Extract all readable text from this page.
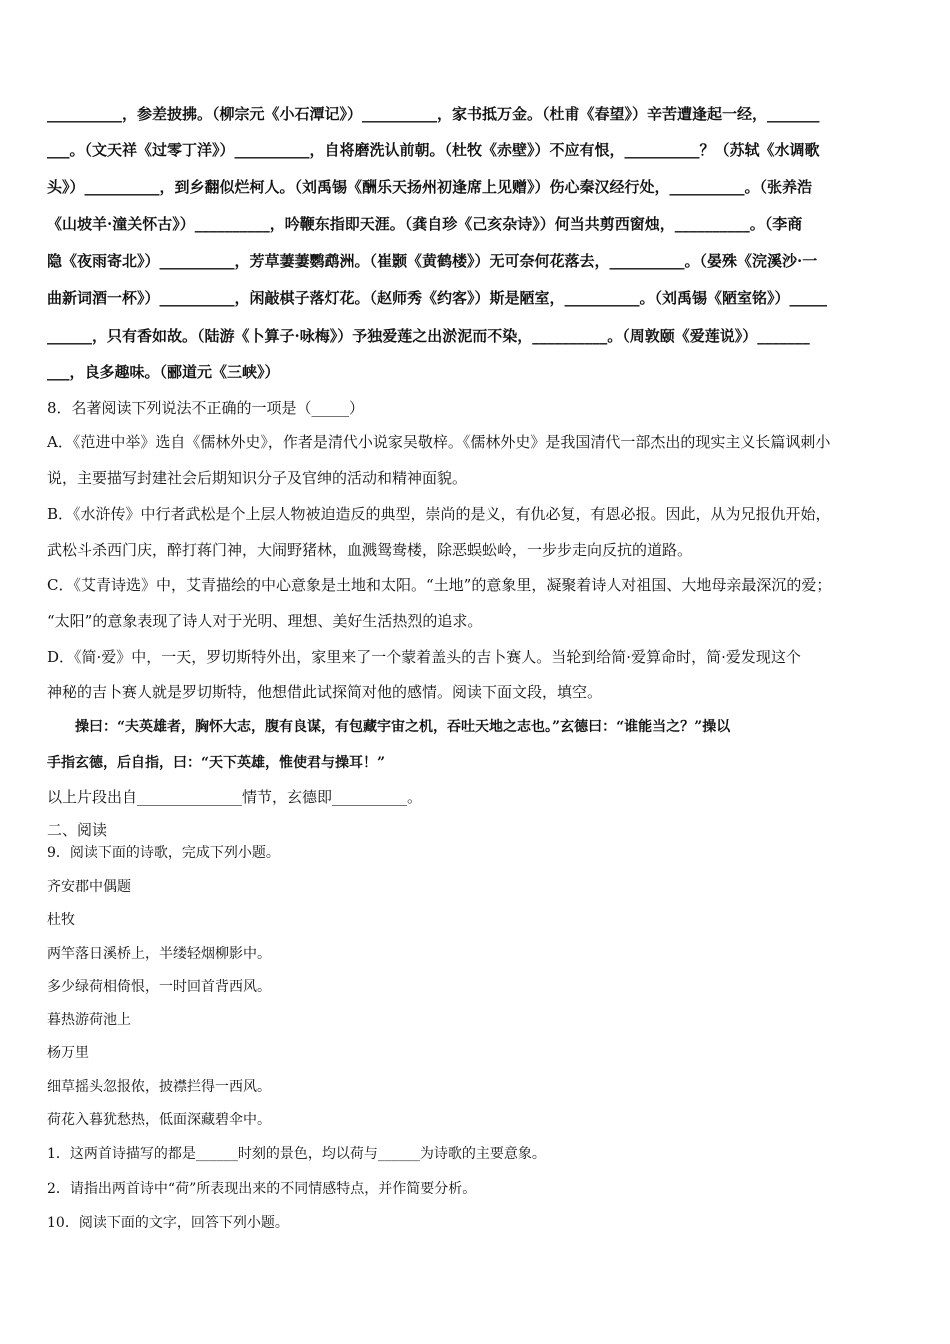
__________，参差披拂。（柳宗元《小石潭记》）__________，家书抵万金。（杜甫《春望》）辛苦遭逢起一经，_______
___。（文天祥《过零丁洋》）__________，自将磨洗认前朝。（杜牧《赤壁》）不应有恨，__________？（苏轼《水调歌
头》）__________，到乡翻似烂柯人。（刘禹锡《酬乐天扬州初逢席上见赠》）伤心秦汉经行处，__________。（张养浩
《山坡羊·潼关怀古》）__________，吟鞭东指即天涯。（龚自珍《己亥杂诗》）何当共剪西窗烛，__________。（李商
隐《夜雨寄北》）__________，芳草萋萋鹦鹉洲。（崔颢《黄鹤楼》）无可奈何花落去，__________。（晏殊《浣溪沙·一
曲新词酒一杯》）__________，闲敲棋子落灯花。（赵师秀《约客》）斯是陋室，__________。（刘禹锡《陋室铭》）_____
______，只有香如故。（陆游《卜算子·咏梅》）予独爱莲之出淤泥而不染，__________。（周敦颐《爱莲说》）_______
___，良多趣味。（郦道元《三峡》）
8．名著阅读下列说法不正确的一项是（_____）
A．《范进中举》选自《儒林外史》，作者是清代小说家吴敬梓。《儒林外史》是我国清代一部杰出的现实主义长篇讽刺小
说，主要描写封建社会后期知识分子及官绅的活动和精神面貌。
B．《水浒传》中行者武松是个上层人物被迫造反的典型，崇尚的是义，有仇必复，有恩必报。因此，从为兄报仇开始，
武松斗杀西门庆，醉打蒋门神，大闹野猪林，血溅鸳鸯楼，除恶蜈蚣岭，一步步走向反抗的道路。
C．《艾青诗选》中，艾青描绘的中心意象是土地和太阳。“土地”的意象里，凝聚着诗人对祖国、大地母亲最深沉的爱；
“太阳”的意象表现了诗人对于光明、理想、美好生活热烈的追求。
D．《简·爱》中，一天，罗切斯特外出，家里来了一个蒙着盖头的吉卜赛人。当轮到给简·爱算命时，简·爱发现这个
神秘的吉卜赛人就是罗切斯特，他想借此试探简对他的感情。阅读下面文段，填空。
　　操曰：“夫英雄者，胸怀大志，腹有良谋，有包藏宇宙之机，吞吐天地之志也。”玄德曰：“谁能当之？”操以
手指玄德，后自指，曰：“天下英雄，惟使君与操耳！”
以上片段出自______________情节，玄德即__________。
二、阅读
9．阅读下面的诗歌，完成下列小题。
齐安郡中偶题
杜牧
两竿落日溪桥上，半缕轻烟柳影中。
多少绿荷相倚恨，一时回首背西风。
暮热游荷池上
杨万里
细草摇头忽报侬，披襟拦得一西风。
荷花入暮犹愁热，低面深藏碧伞中。
1．这两首诗描写的都是______时刻的景色，均以荷与______为诗歌的主要意象。
2．请指出两首诗中“荷”所表现出来的不同情感特点，并作简要分析。
10．阅读下面的文字，回答下列小题。
